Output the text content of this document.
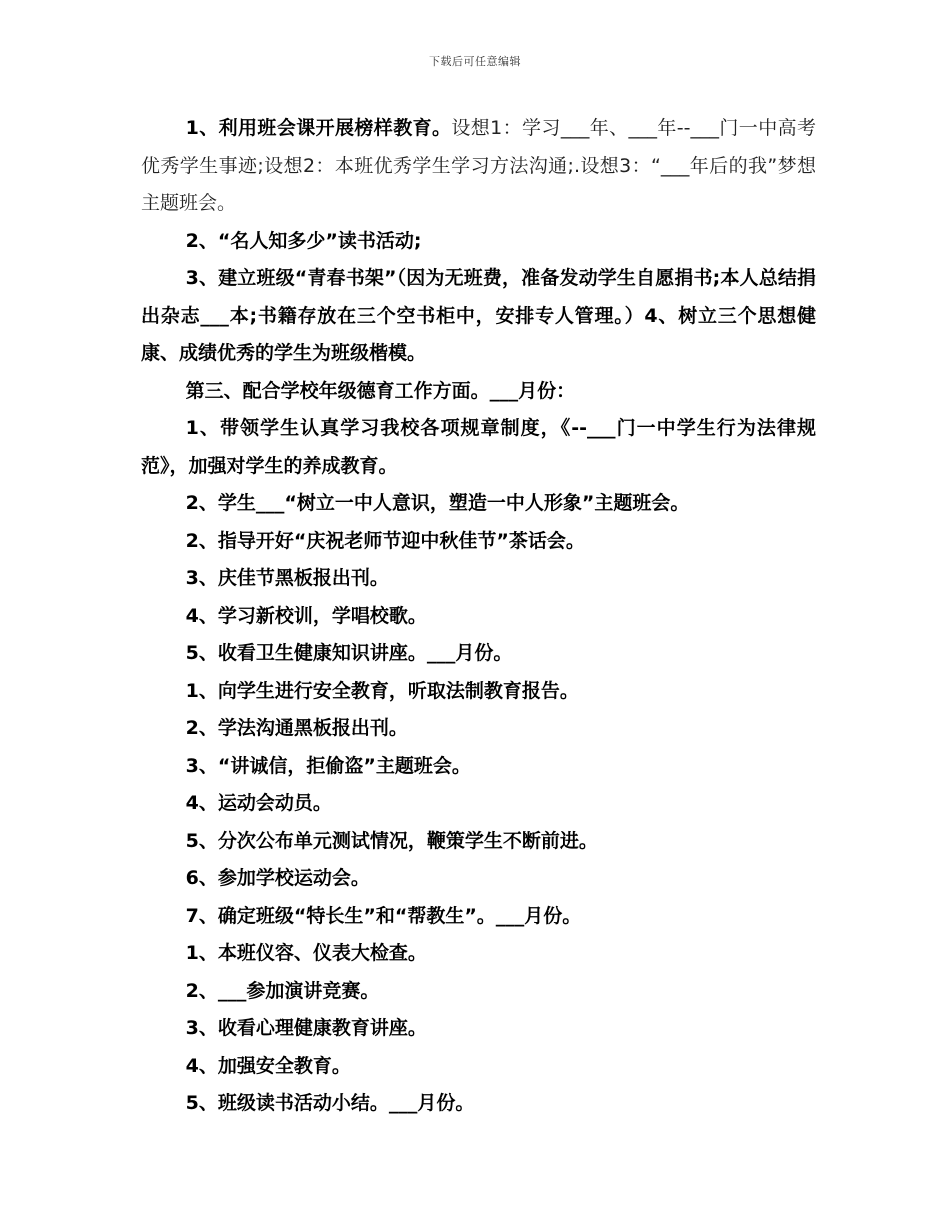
下载后可任意编辑

1、利用班会课开展榜样教育。设想1：学习___年、___年--___门一中高考优秀学生事迹;设想2：本班优秀学生学习方法沟通;.设想3：“___年后的我”梦想主题班会。

2、“名人知多少”读书活动;

3、建立班级“青春书架”（因为无班费，准备发动学生自愿捐书;本人总结捐出杂志___本;书籍存放在三个空书柜中，安排专人管理。）4、树立三个思想健康、成绩优秀的学生为班级楷模。

第三、配合学校年级德育工作方面。___月份：

1、带领学生认真学习我校各项规章制度，《--___门一中学生行为法律规范》，加强对学生的养成教育。

2、学生___“树立一中人意识，塑造一中人形象”主题班会。

2、指导开好“庆祝老师节迎中秋佳节”茶话会。

3、庆佳节黑板报出刊。

4、学习新校训，学唱校歌。

5、收看卫生健康知识讲座。___月份。

1、向学生进行安全教育，听取法制教育报告。

2、学法沟通黑板报出刊。

3、“讲诚信，拒偷盗”主题班会。

4、运动会动员。

5、分次公布单元测试情况，鞭策学生不断前进。

6、参加学校运动会。

7、确定班级“特长生”和“帮教生”。___月份。

1、本班仪容、仪表大检查。

2、___参加演讲竞赛。

3、收看心理健康教育讲座。

4、加强安全教育。

5、班级读书活动小结。___月份。
